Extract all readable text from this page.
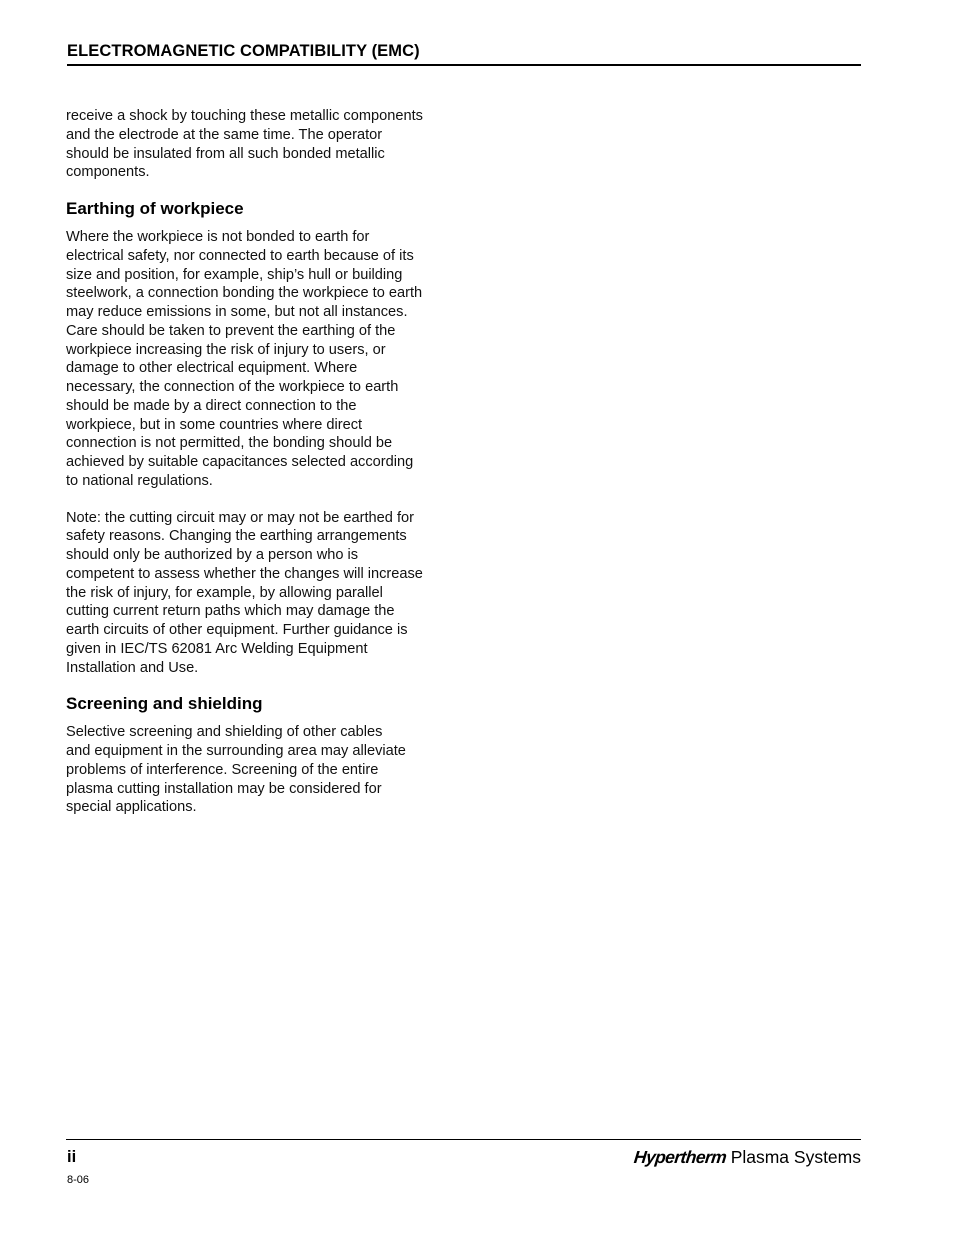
ELECTROMAGNETIC COMPATIBILITY (EMC)

receive a shock by touching these metallic components
and the electrode at the same time. The operator
should be insulated from all such bonded metallic
components.

Earthing of workpiece

Where the workpiece is not bonded to earth for
electrical safety, nor connected to earth because of its
size and position, for example, ship’s hull or building
steelwork, a connection bonding the workpiece to earth
may reduce emissions in some, but not all instances.
Care should be taken to prevent the earthing of the
workpiece increasing the risk of injury to users, or
damage to other electrical equipment. Where
necessary, the connection of the workpiece to earth
should be made by a direct connection to the
workpiece, but in some countries where direct
connection is not permitted, the bonding should be
achieved by suitable capacitances selected according
to national regulations.

Note: the cutting circuit may or may not be earthed for
safety reasons. Changing the earthing arrangements
should only be authorized by a person who is
competent to assess whether the changes will increase
the risk of injury, for example, by allowing parallel
cutting current return paths which may damage the
earth circuits of other equipment. Further guidance is
given in IEC/TS 62081 Arc Welding Equipment
Installation and Use.

Screening and shielding

Selective screening and shielding of other cables
and equipment in the surrounding area may alleviate
problems of interference. Screening of the entire
plasma cutting installation may be considered for
special applications.

ii
8-06
Hypertherm Plasma Systems
